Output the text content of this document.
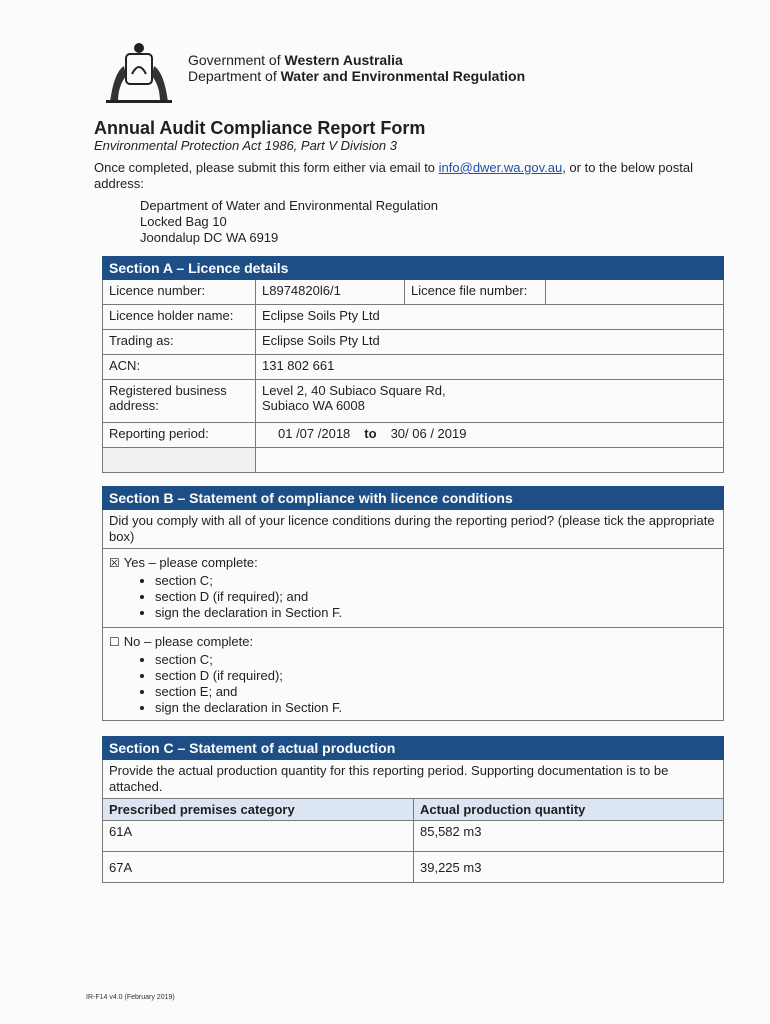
Government of Western Australia
Department of Water and Environmental Regulation
Annual Audit Compliance Report Form
Environmental Protection Act 1986, Part V Division 3
Once completed, please submit this form either via email to info@dwer.wa.gov.au, or to the below postal address:
Department of Water and Environmental Regulation
Locked Bag 10
Joondalup DC WA 6919
Section A – Licence details			
Licence number:	L8974820l6/1	Licence file number:	
Licence holder name:	Eclipse Soils Pty Ltd		
Trading as:	Eclipse Soils Pty Ltd		
ACN:	131 802 661		
Registered business address:	Level 2, 40 Subiaco Square Rd,
Subiaco WA 6008		

Reporting period:	01 /07 /2018 to 30/ 06 / 2019		

Section B – Statement of compliance with licence conditions
Did you comply with all of your licence conditions during the reporting period? (please tick the appropriate box)
☒ Yes – please complete:
• section C;
• section D (if required); and
• sign the declaration in Section F.

☐ No – please complete:
• section C;
• section D (if required);
• section E; and
• sign the declaration in Section F.
Section C – Statement of actual production	
Provide the actual production quantity for this reporting period. Supporting documentation is to be attached.	
Prescribed premises category	Actual production quantity
61A	85,582 m3
67A	39,225 m3
IR-F14 v4.0 (February 2019)
